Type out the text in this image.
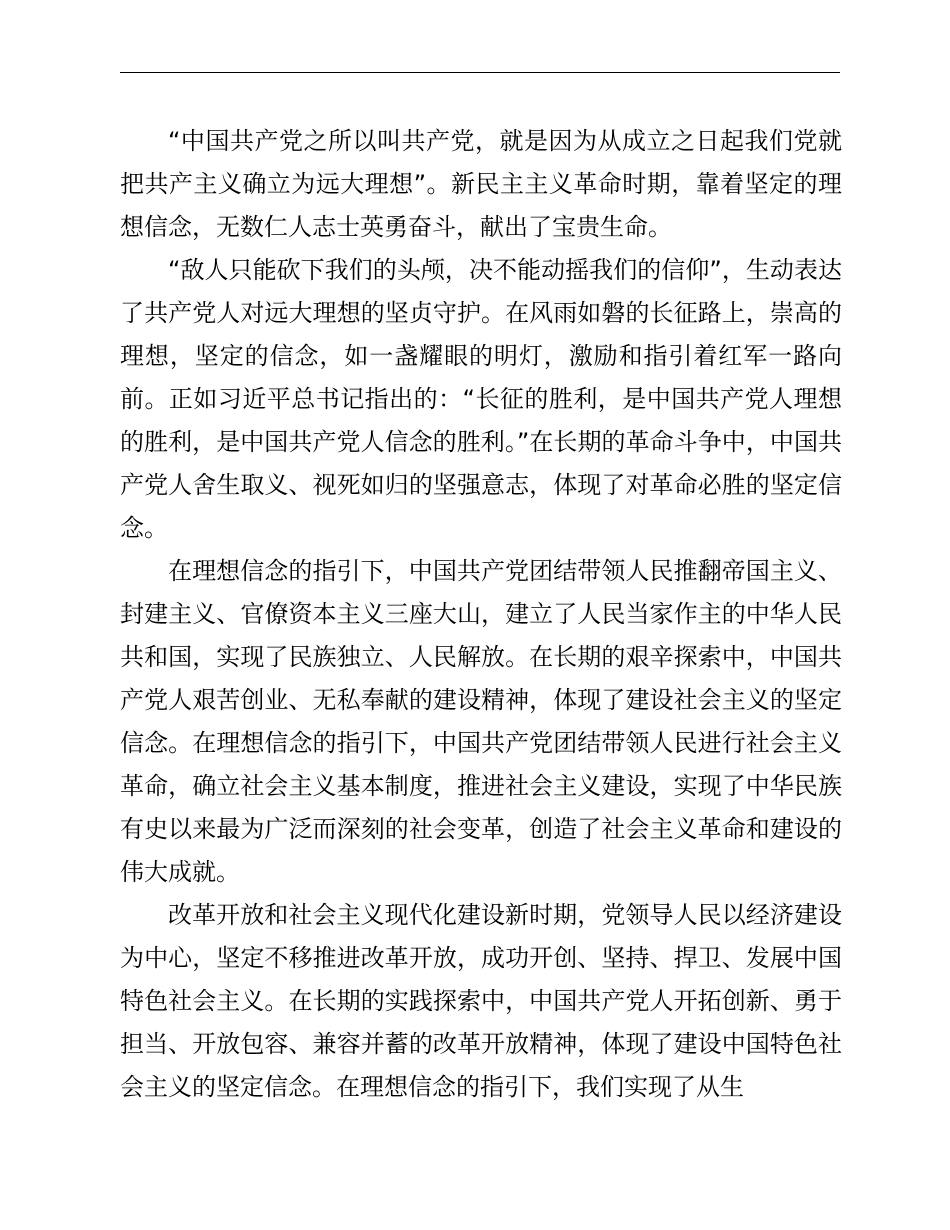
“中国共产党之所以叫共产党，就是因为从成立之日起我们党就把共产主义确立为远大理想”。新民主主义革命时期，靠着坚定的理想信念，无数仁人志士英勇奋斗，献出了宝贵生命。

“敌人只能砍下我们的头颅，决不能动摇我们的信仰”，生动表达了共产党人对远大理想的坚贞守护。在风雨如磐的长征路上，崇高的理想，坚定的信念，如一盏耀眼的明灯，激励和指引着红军一路向前。正如习近平总书记指出的：“长征的胜利，是中国共产党人理想的胜利，是中国共产党人信念的胜利。”在长期的革命斗争中，中国共产党人舍生取义、视死如归的坚强意志，体现了对革命必胜的坚定信念。

在理想信念的指引下，中国共产党团结带领人民推翻帝国主义、封建主义、官僚资本主义三座大山，建立了人民当家作主的中华人民共和国，实现了民族独立、人民解放。在长期的艰辛探索中，中国共产党人艰苦创业、无私奉献的建设精神，体现了建设社会主义的坚定信念。在理想信念的指引下，中国共产党团结带领人民进行社会主义革命，确立社会主义基本制度，推进社会主义建设，实现了中华民族有史以来最为广泛而深刻的社会变革，创造了社会主义革命和建设的伟大成就。

改革开放和社会主义现代化建设新时期，党领导人民以经济建设为中心，坚定不移推进改革开放，成功开创、坚持、捍卫、发展中国特色社会主义。在长期的实践探索中，中国共产党人开拓创新、勇于担当、开放包容、兼容并蓄的改革开放精神，体现了建设中国特色社会主义的坚定信念。在理想信念的指引下，我们实现了从生
